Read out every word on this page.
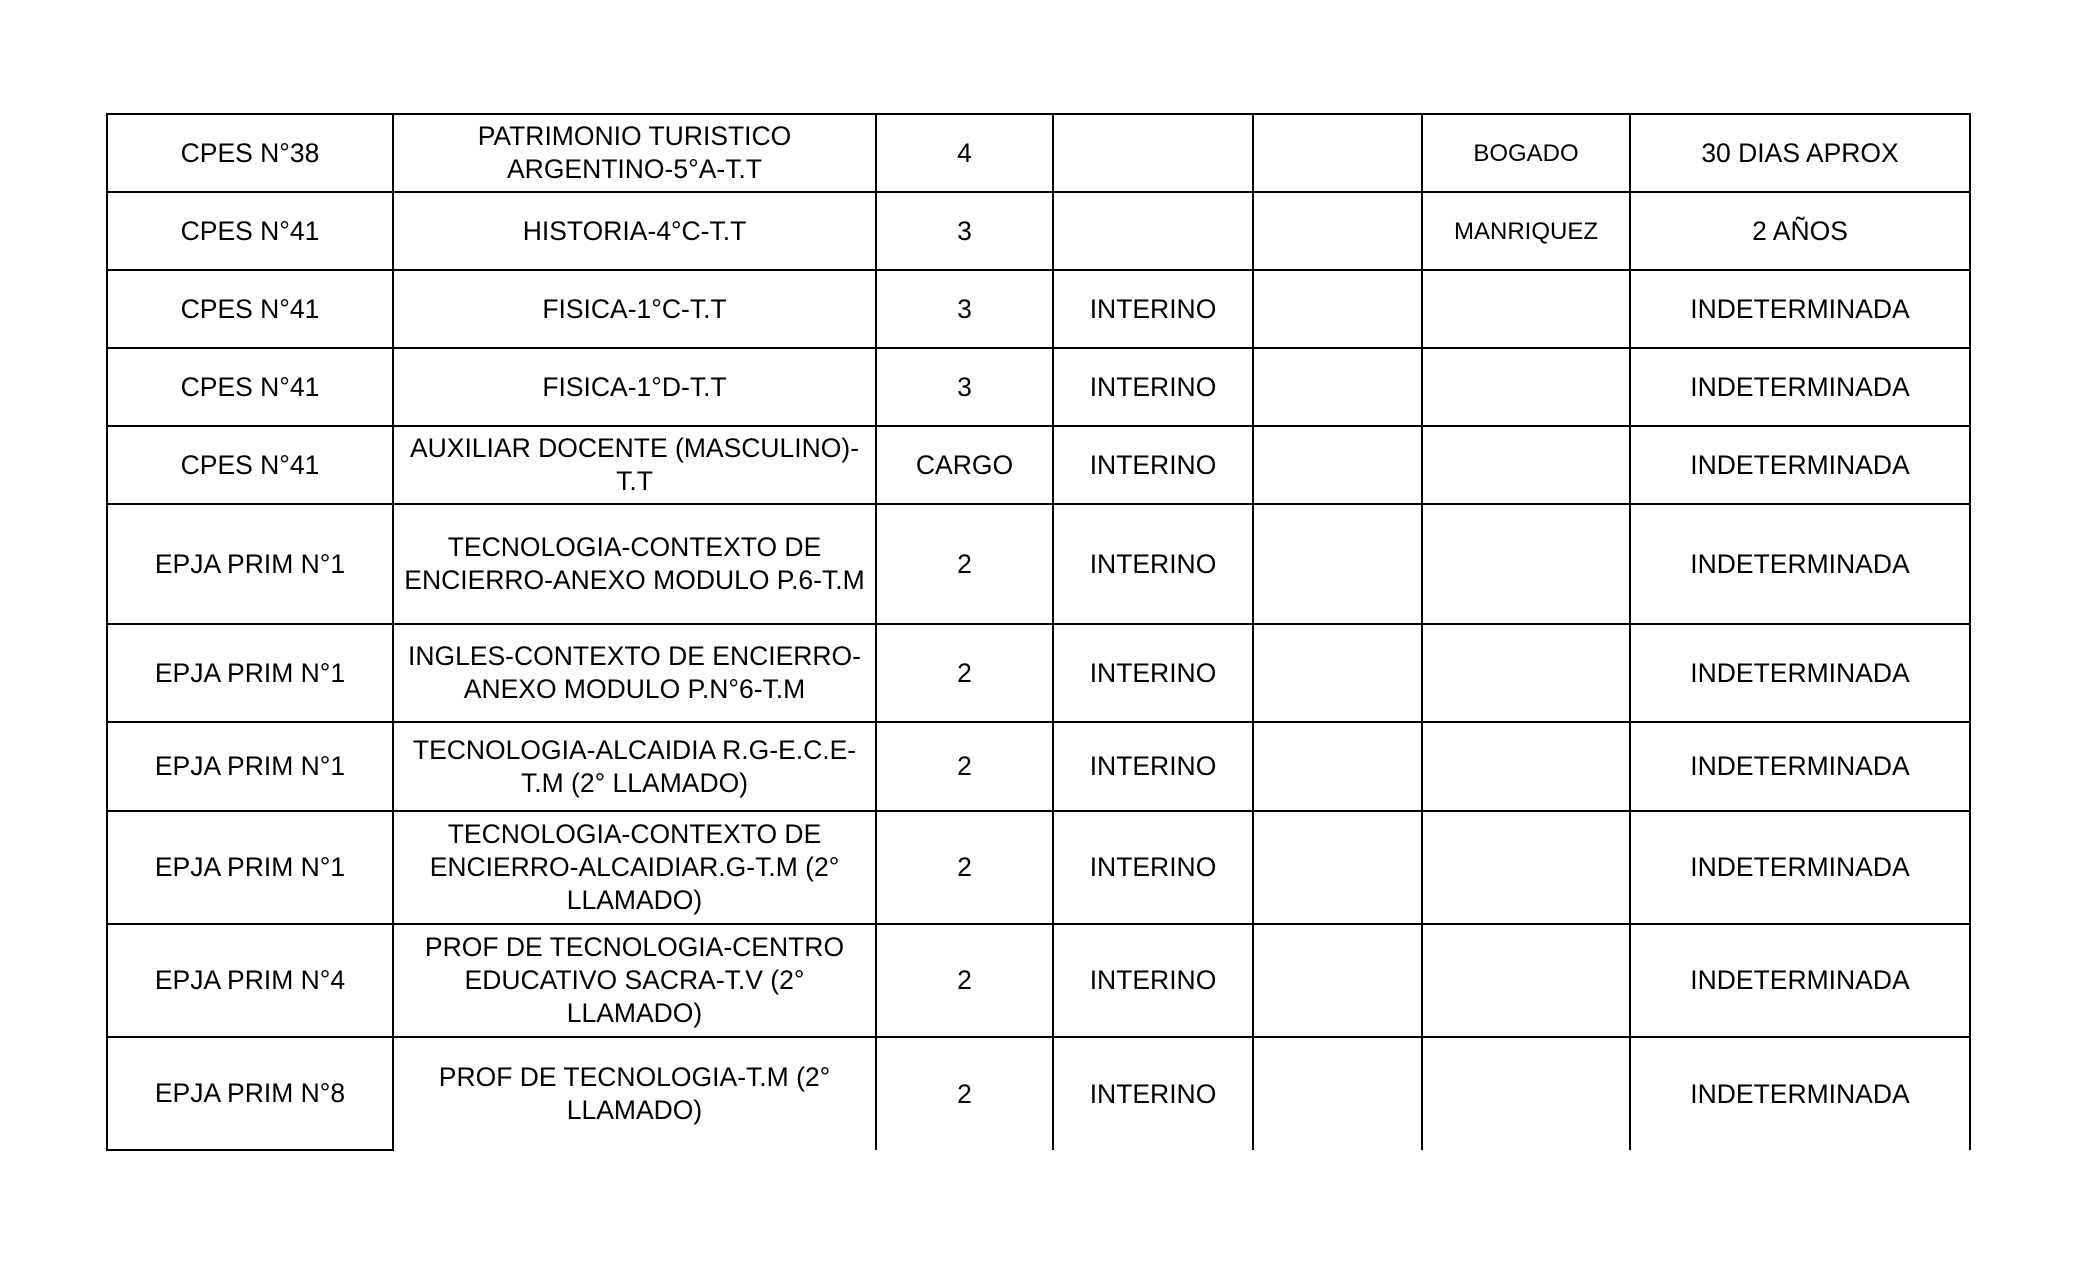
CPES N°38	PATRIMONIO TURISTICO ARGENTINO-5°A-T.T	4			BOGADO	30 DIAS APROX
CPES N°41	HISTORIA-4°C-T.T	3			MANRIQUEZ	2 AÑOS
CPES N°41	FISICA-1°C-T.T	3	INTERINO			INDETERMINADA
CPES N°41	FISICA-1°D-T.T	3	INTERINO			INDETERMINADA
CPES N°41	AUXILIAR DOCENTE (MASCULINO)-T.T	CARGO	INTERINO			INDETERMINADA
EPJA PRIM N°1	TECNOLOGIA-CONTEXTO DE ENCIERRO-ANEXO MODULO P.6-T.M	2	INTERINO			INDETERMINADA
EPJA PRIM N°1	INGLES-CONTEXTO DE ENCIERRO-ANEXO MODULO P.N°6-T.M	2	INTERINO			INDETERMINADA
EPJA PRIM N°1	TECNOLOGIA-ALCAIDIA R.G-E.C.E-T.M (2° LLAMADO)	2	INTERINO			INDETERMINADA
EPJA PRIM N°1	TECNOLOGIA-CONTEXTO DE ENCIERRO-ALCAIDIAR.G-T.M (2° LLAMADO)	2	INTERINO			INDETERMINADA
EPJA PRIM N°4	PROF DE TECNOLOGIA-CENTRO EDUCATIVO SACRA-T.V (2° LLAMADO)	2	INTERINO			INDETERMINADA
EPJA PRIM N°8	PROF DE TECNOLOGIA-T.M (2° LLAMADO)	2	INTERINO			INDETERMINADA
